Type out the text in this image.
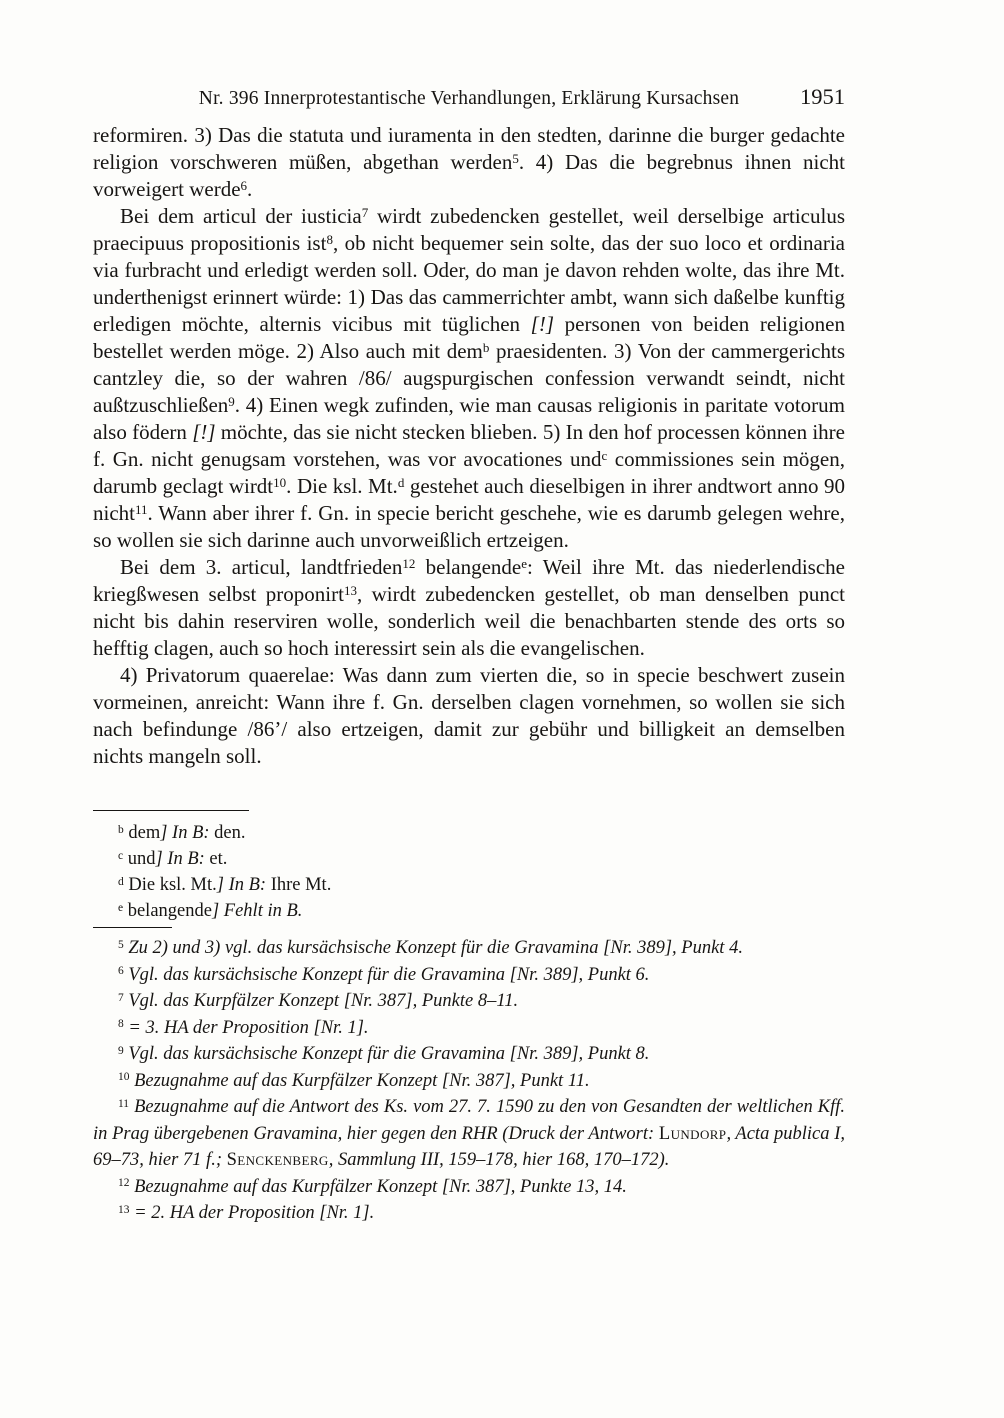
Nr. 396 Innerprotestantische Verhandlungen, Erklärung Kursachsen	1951

reformiren. 3) Das die statuta und iuramenta in den stedten, darinne die burger gedachte religion vorschweren müßen, abgethan werden$^5$. 4) Das die begrebnus ihnen nicht vorweigert werde$^6$.

Bei dem articul der iusticia$^7$ wirdt zubedencken gestellet, weil derselbige articulus praecipuus propositionis ist$^8$, ob nicht bequemer sein solte, das der suo loco et ordinaria via furbracht und erledigt werden soll. Oder, do man je davon rehden wolte, das ihre Mt. underthenigst erinnert würde: 1) Das das cammerrichter ambt, wann sich daßelbe kunftig erledigen möchte, alternis vicibus mit tüglichen [!] personen von beiden religionen bestellet werden möge. 2) Also auch mit dem$^b$ praesidenten. 3) Von der cammergerichts cantzley die, so der wahren /86/ augspurgischen confession verwandt seindt, nicht außtzuschließen$^9$. 4) Einen wegk zufinden, wie man causas religionis in paritate votorum also födern [!] möchte, das sie nicht stecken blieben. 5) In den hof processen können ihre f. Gn. nicht genugsam vorstehen, was vor avocationes und$^c$ commissiones sein mögen, darumb geclagt wirdt$^{10}$. Die ksl. Mt.$^d$ gestehet auch dieselbigen in ihrer andtwort anno 90 nicht$^{11}$. Wann aber ihrer f. Gn. in specie bericht geschehe, wie es darumb gelegen wehre, so wollen sie sich darinne auch unvorweißlich ertzeigen.

Bei dem 3. articul, landtfrieden$^{12}$ belangende$^e$: Weil ihre Mt. das niederlendische kriegßwesen selbst proponirt$^{13}$, wirdt zubedencken gestellet, ob man denselben punct nicht bis dahin reserviren wolle, sonderlich weil die benachbarten stende des orts so hefftig clagen, auch so hoch interessirt sein als die evangelischen.

4) Privatorum quaerelae: Was dann zum vierten die, so in specie beschwert zusein vormeinen, anreicht: Wann ihre f. Gn. derselben clagen vornehmen, so wollen sie sich nach befindunge /86’/ also ertzeigen, damit zur gebühr und billigkeit an demselben nichts mangeln soll.

$^b$ dem] In B: den.

$^c$ und] In B: et.

$^d$ Die ksl. Mt.] In B: Ihre Mt.

$^e$ belangende] Fehlt in B.

$^5$ Zu 2) und 3) vgl. das kursächsische Konzept für die Gravamina [Nr. 389], Punkt 4.

$^6$ Vgl. das kursächsische Konzept für die Gravamina [Nr. 389], Punkt 6.

$^7$ Vgl. das Kurpfälzer Konzept [Nr. 387], Punkte 8–11.

$^8$ = 3. HA der Proposition [Nr. 1].

$^9$ Vgl. das kursächsische Konzept für die Gravamina [Nr. 389], Punkt 8.

$^{10}$ Bezugnahme auf das Kurpfälzer Konzept [Nr. 387], Punkt 11.

$^{11}$ Bezugnahme auf die Antwort des Ks. vom 27. 7. 1590 zu den von Gesandten der weltlichen Kff. in Prag übergebenen Gravamina, hier gegen den RHR (Druck der Antwort: Lundorp, Acta publica I, 69–73, hier 71 f.; Senckenberg, Sammlung III, 159–178, hier 168, 170–172).

$^{12}$ Bezugnahme auf das Kurpfälzer Konzept [Nr. 387], Punkte 13, 14.

$^{13}$ = 2. HA der Proposition [Nr. 1].
